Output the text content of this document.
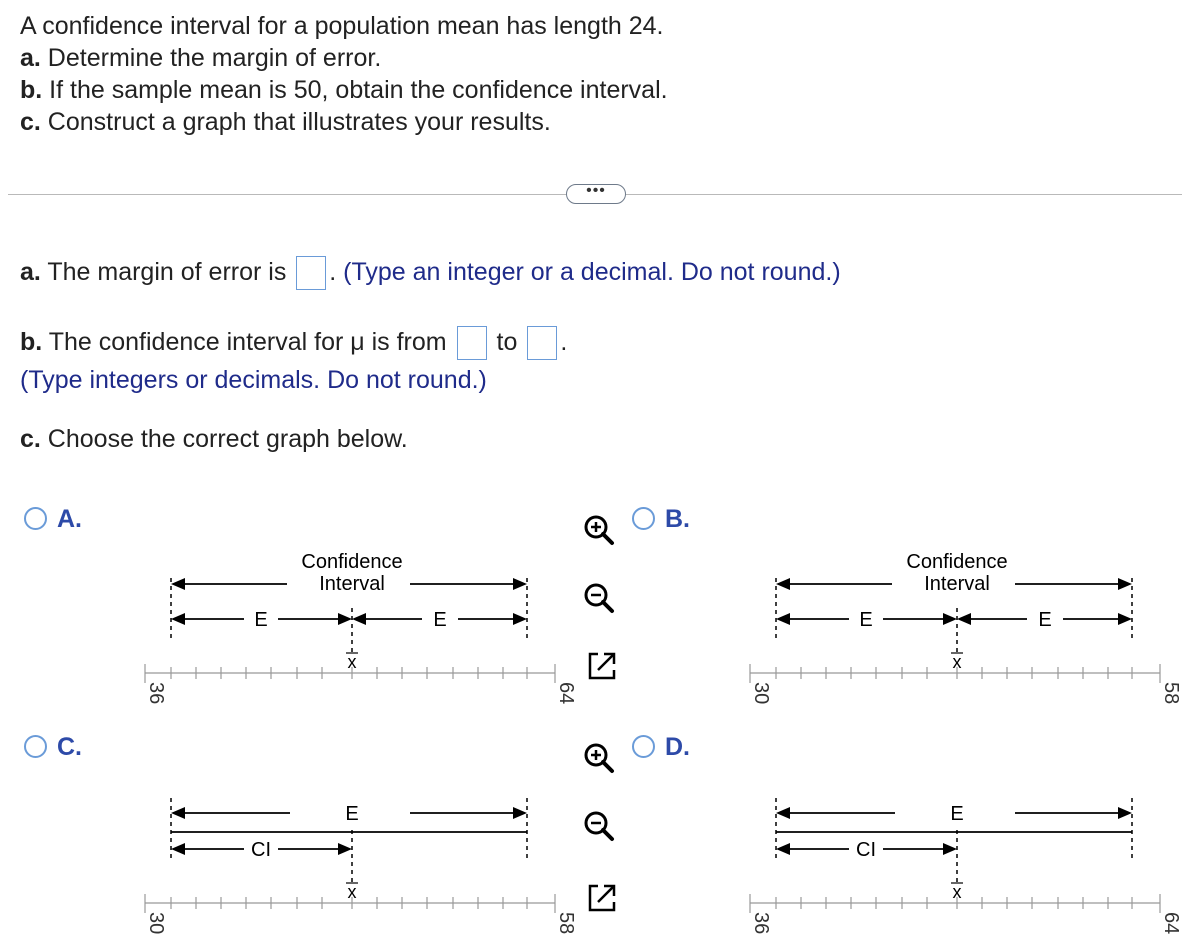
A confidence interval for a population mean has length 24.
a. Determine the margin of error.
b. If the sample mean is 50, obtain the confidence interval.
c. Construct a graph that illustrates your results.
•••
a. The margin of error is . (Type an integer or a decimal. Do not round.)
b. The confidence interval for μ is from  to .
(Type integers or decimals. Do not round.)
c. Choose the correct graph below.
A.	B.
C.	D.
Confidence
Interval
E	E
x
36	64
Confidence
Interval
E	E
x
30	58
E
CI
x
30	58
E
CI
x
36	64
